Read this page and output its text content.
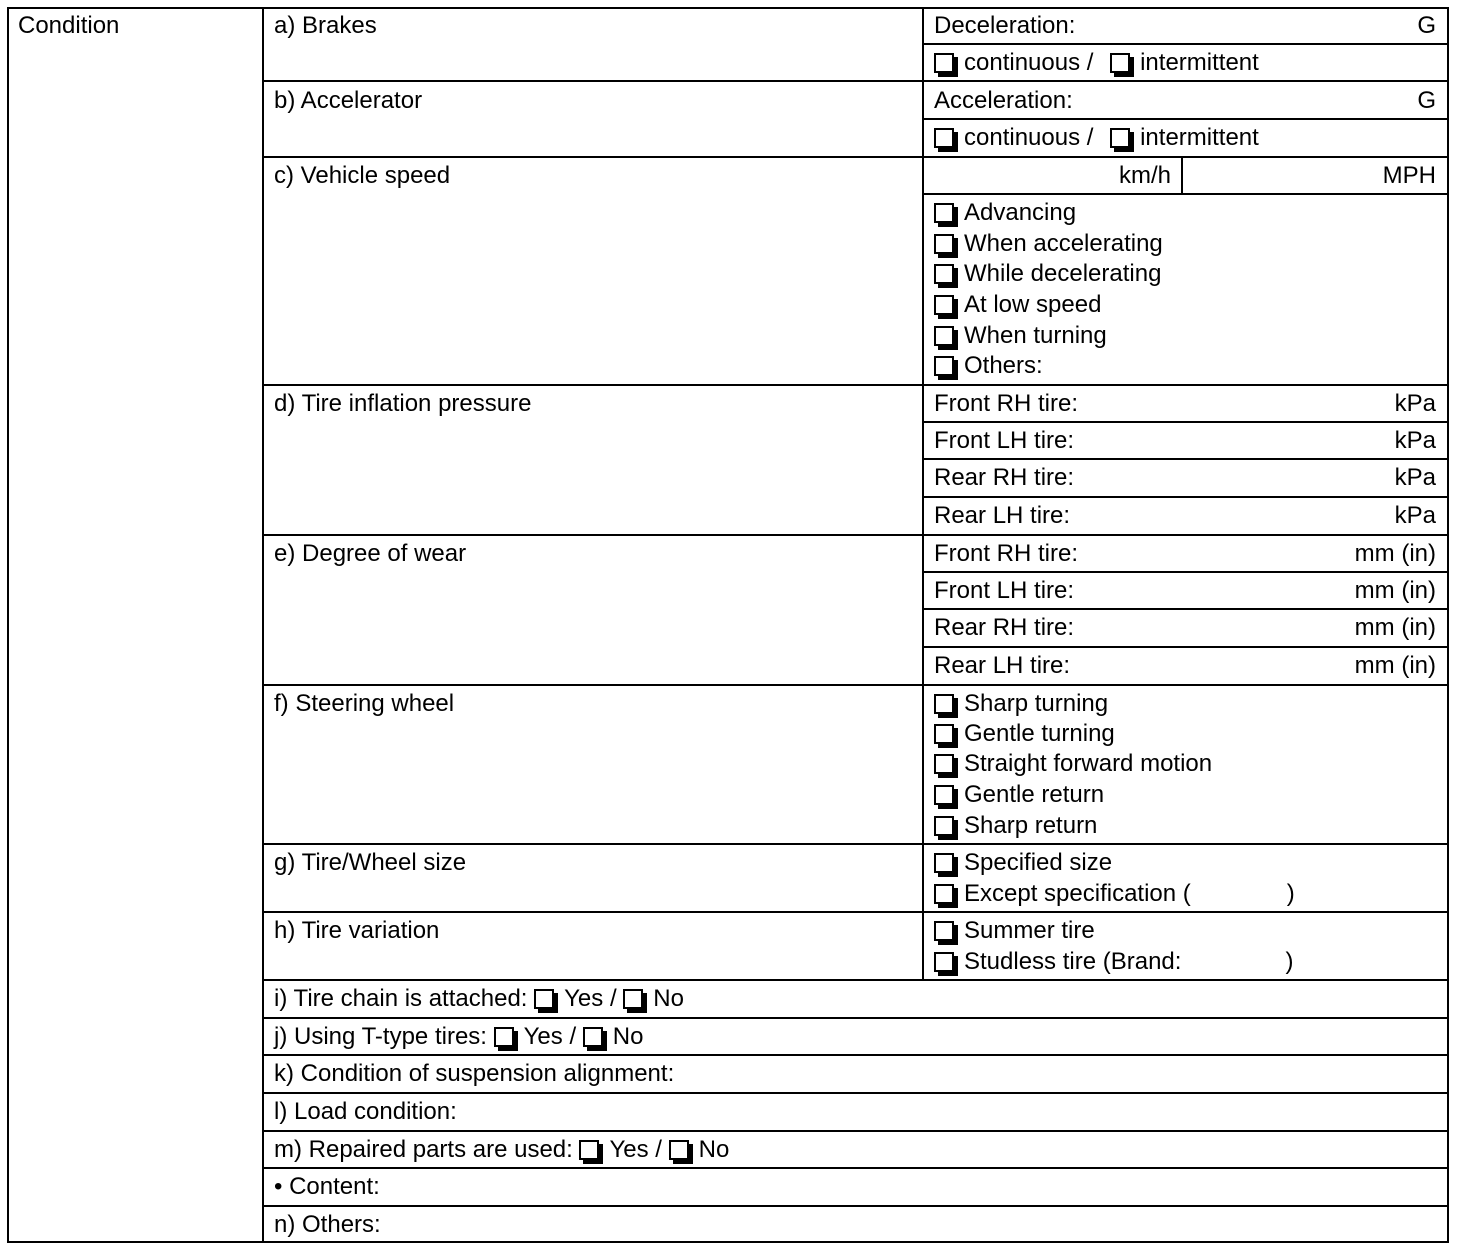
Condition	a) Brakes	Deceleration:	G
continuous / intermittent
b) Accelerator	Acceleration:	G
continuous / intermittent
c) Vehicle speed	km/h	MPH
Advancing
When accelerating
While decelerating
At low speed
When turning
Others:
d) Tire inflation pressure	Front RH tire:	kPa
Front LH tire:	kPa
Rear RH tire:	kPa
Rear LH tire:	kPa
e) Degree of wear	Front RH tire:	mm (in)
Front LH tire:	mm (in)
Rear RH tire:	mm (in)
Rear LH tire:	mm (in)
f) Steering wheel	Sharp turning
Gentle turning
Straight forward motion
Gentle return
Sharp return
g) Tire/Wheel size	Specified size
Except specification (	)
h) Tire variation	Summer tire
Studless tire (Brand:	)
i) Tire chain is attached: Yes / No
j) Using T-type tires: Yes / No
k) Condition of suspension alignment:
l) Load condition:
m) Repaired parts are used: Yes / No
• Content:
n) Others:
